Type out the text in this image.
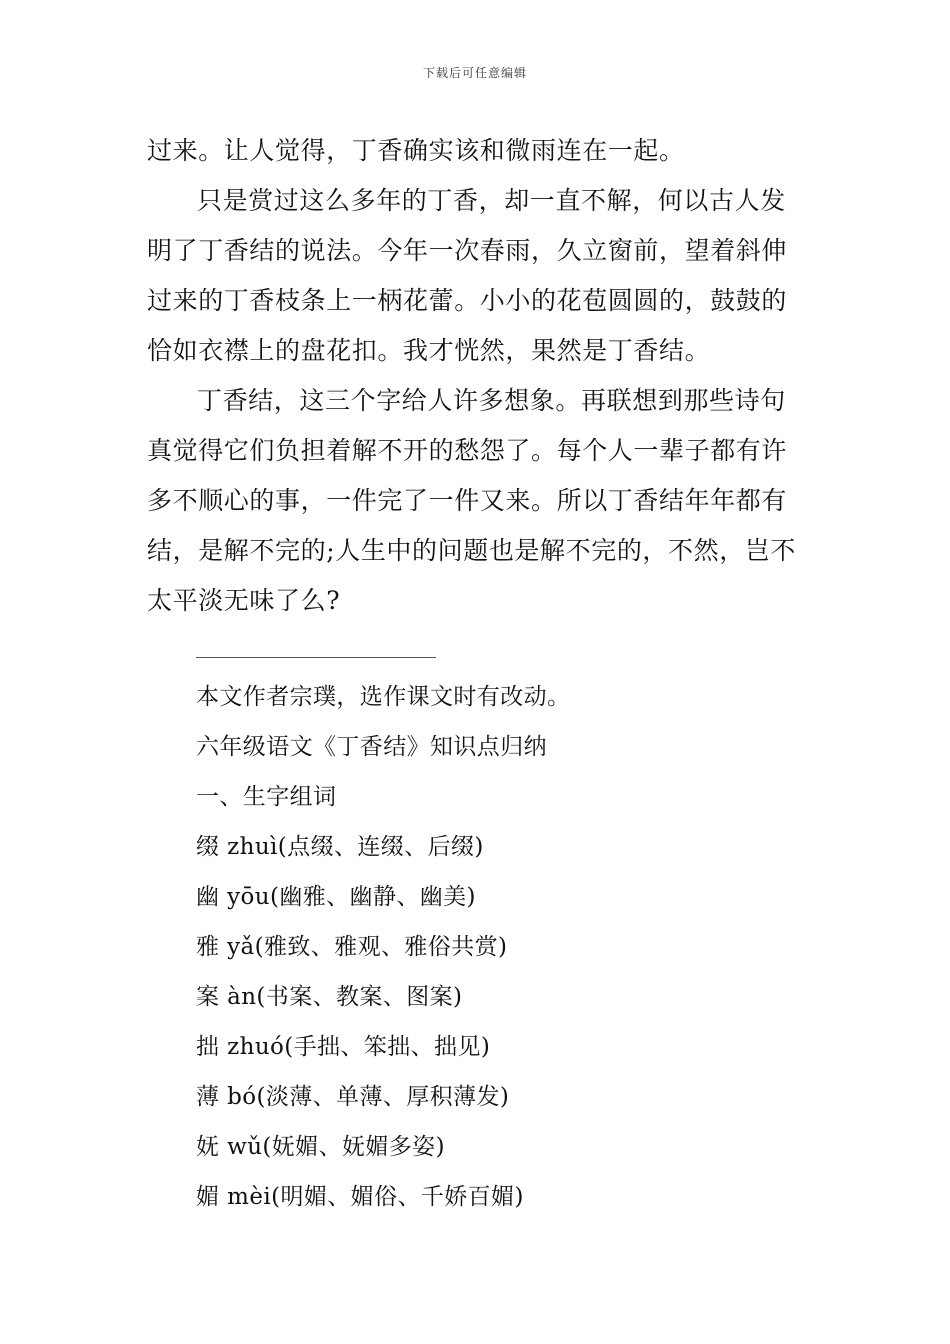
下载后可任意编辑
过来。让人觉得，丁香确实该和微雨连在一起。
只是赏过这么多年的丁香，却一直不解，何以古人发
明了丁香结的说法。今年一次春雨，久立窗前，望着斜伸
过来的丁香枝条上一柄花蕾。小小的花苞圆圆的，鼓鼓的
恰如衣襟上的盘花扣。我才恍然，果然是丁香结。
丁香结，这三个字给人许多想象。再联想到那些诗句
真觉得它们负担着解不开的愁怨了。每个人一辈子都有许
多不顺心的事，一件完了一件又来。所以丁香结年年都有
结，是解不完的;人生中的问题也是解不完的，不然，岂不
太平淡无味了么?
本文作者宗璞，选作课文时有改动。
六年级语文《丁香结》知识点归纳
一、生字组词
缀 zhuì(点缀、连缀、后缀)
幽 yōu(幽雅、幽静、幽美)
雅 yǎ(雅致、雅观、雅俗共赏)
案 àn(书案、教案、图案)
拙 zhuó(手拙、笨拙、拙见)
薄 bó(淡薄、单薄、厚积薄发)
妩 wǔ(妩媚、妩媚多姿)
媚 mèi(明媚、媚俗、千娇百媚)
